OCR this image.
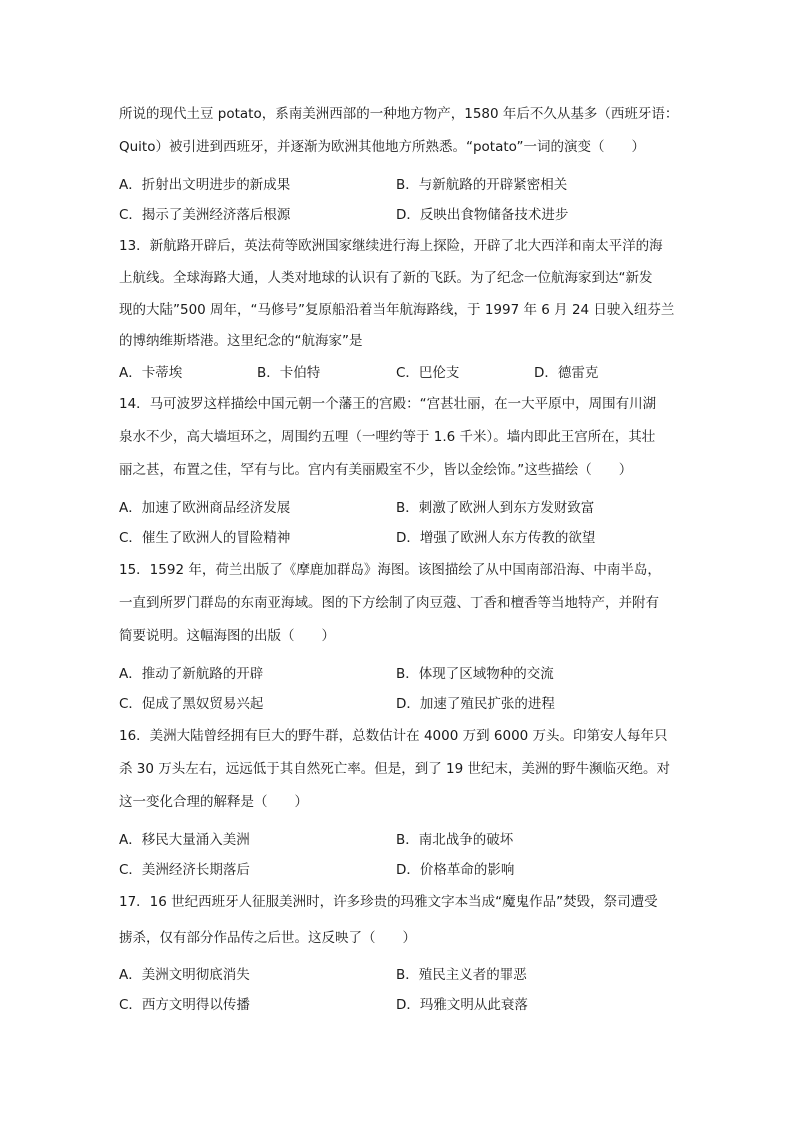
所说的现代土豆 potato，系南美洲西部的一种地方物产，1580 年后不久从基多（西班牙语：
Quito）被引进到西班牙，并逐渐为欧洲其他地方所熟悉。“potato”一词的演变（　　）
A．折射出文明进步的新成果	B．与新航路的开辟紧密相关
C．揭示了美洲经济落后根源	D．反映出食物储备技术进步
13．新航路开辟后，英法荷等欧洲国家继续进行海上探险，开辟了北大西洋和南太平洋的海
上航线。全球海路大通，人类对地球的认识有了新的飞跃。为了纪念一位航海家到达“新发
现的大陆”500 周年，“马修号”复原船沿着当年航海路线，于 1997 年 6 月 24 日驶入纽芬兰
的博纳维斯塔港。这里纪念的“航海家”是
A．卡蒂埃	B．卡伯特	C．巴伦支	D．德雷克
14．马可波罗这样描绘中国元朝一个藩王的宫殿：“宫甚壮丽，在一大平原中，周围有川湖
泉水不少，高大墙垣环之，周围约五哩（一哩约等于 1.6 千米）。墙内即此王宫所在，其壮
丽之甚，布置之佳，罕有与比。宫内有美丽殿室不少，皆以金绘饰。”这些描绘（　　）
A．加速了欧洲商品经济发展	B．刺激了欧洲人到东方发财致富
C．催生了欧洲人的冒险精神	D．增强了欧洲人东方传教的欲望
15．1592 年，荷兰出版了《摩鹿加群岛》海图。该图描绘了从中国南部沿海、中南半岛，
一直到所罗门群岛的东南亚海域。图的下方绘制了肉豆蔻、丁香和檀香等当地特产，并附有
简要说明。这幅海图的出版（　　）
A．推动了新航路的开辟	B．体现了区域物种的交流
C．促成了黑奴贸易兴起	D．加速了殖民扩张的进程
16．美洲大陆曾经拥有巨大的野牛群，总数估计在 4000 万到 6000 万头。印第安人每年只
杀 30 万头左右，远远低于其自然死亡率。但是，到了 19 世纪末，美洲的野牛濒临灭绝。对
这一变化合理的解释是（　　）
A．移民大量涌入美洲	B．南北战争的破坏
C．美洲经济长期落后	D．价格革命的影响
17．16 世纪西班牙人征服美洲时，许多珍贵的玛雅文字本当成“魔鬼作品”焚毁，祭司遭受
掳杀，仅有部分作品传之后世。这反映了（　　）
A．美洲文明彻底消失	B．殖民主义者的罪恶
C．西方文明得以传播	D．玛雅文明从此衰落
